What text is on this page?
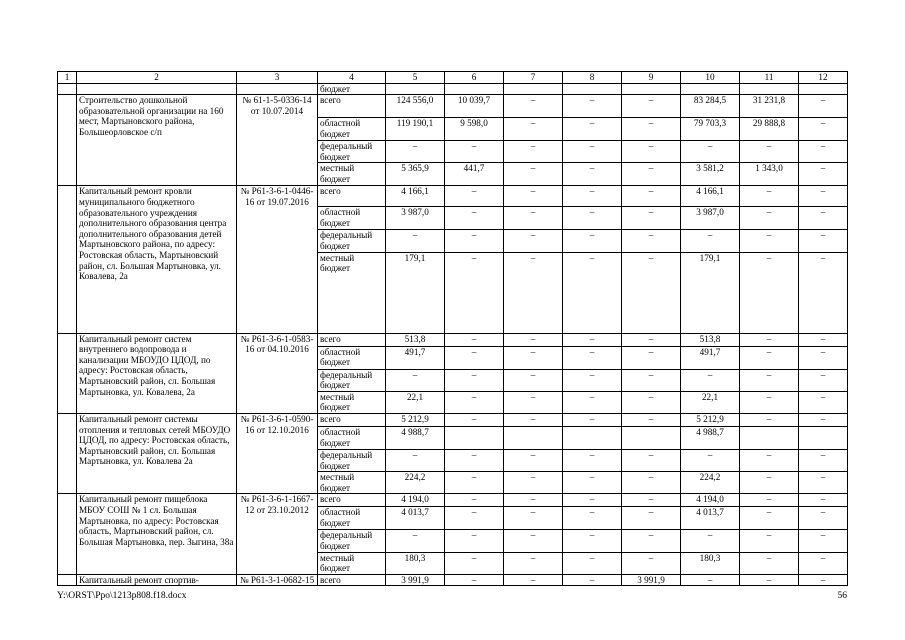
1	2	3	4	5	6	7	8	9	10	11	12
			бюджет								
	Строительство дошкольной образовательной организации на 160 мест, Мартыновского района, Большеорловское с/п	№ 61-1-5-0336-14 от 10.07.2014	всего	124 556,0	10 039,7	–	–	–	83 284,5	31 231,8	–
			областной бюджет	119 190,1	9 598,0	–	–	–	79 703,3	29 888,8	–
			федеральный бюджет	–	–	–	–	–	–	–	–
			местный бюджет	5 365,9	441,7	–	–	–	3 581,2	1 343,0	–
	Капитальный ремонт кровли муниципального бюджетного образовательного учреждения дополнительного образования центра дополнительного образования детей Мартыновского района, по адресу: Ростовская область, Мартыновский район, сл. Большая Мартыновка, ул. Ковалева, 2а	№ Р61-3-6-1-0446-16 от 19.07.2016	всего	4 166,1	–	–	–	–	4 166,1	–	–
			областной бюджет	3 987,0	–	–	–	–	3 987,0	–	–
			федеральный бюджет	–	–	–	–	–	–	–	–
			местный бюджет	179,1	–	–	–	–	179,1	–	–
	Капитальный ремонт систем внутреннего водопровода и канализации МБОУДО ЦДОД, по адресу: Ростовская область, Мартыновский район, сл. Большая Мартыновка, ул. Ковалева, 2а	№ Р61-3-6-1-0583-16 от 04.10.2016	всего	513,8	–	–	–	–	513,8	–	–
			областной бюджет	491,7	–	–	–	–	491,7	–	–
			федеральный бюджет	–	–	–	–	–	–	–	–
			местный бюджет	22,1	–	–	–	–	22,1	–	–
	Капитальный ремонт системы отопления и тепловых сетей МБОУДО ЦДОД, по адресу: Ростовская область, Мартыновский район, сл. Большая Мартыновка, ул. Ковалева 2а	№ Р61-3-6-1-0590-16 от 12.10.2016	всего	5 212,9	–	–	–	–	5 212,9	–	–
			областной бюджет	4 988,7					4 988,7		
			федеральный бюджет	–	–	–	–	–	–	–	–
			местный бюджет	224,2	–	–	–	–	224,2	–	–
	Капитальный ремонт пищеблока МБОУ СОШ № 1 сл. Большая Мартыновка, по адресу: Ростовская область, Мартыновский район, сл. Большая Мартыновка, пер. Зыгина, 38а	№ Р61-3-6-1-1667-12 от 23.10.2012	всего	4 194,0	–	–	–	–	4 194,0	–	–
			областной бюджет	4 013,7	–	–	–	–	4 013,7	–	–
			федеральный бюджет	–	–	–	–	–	–	–	–
			местный бюджет	180,3	–	–	–	–	180,3	–	–
	Капитальный ремонт спортив-	№ Р61-3-1-0682-15	всего	3 991,9	–	–	–	3 991,9	–	–	–
Y:\ORST\Ppo\1213p808.f18.docx	56
